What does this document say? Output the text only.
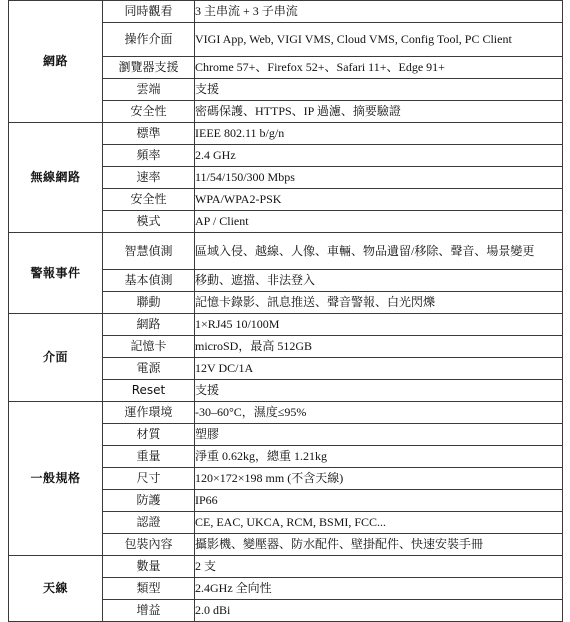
網路	同時觀看	3 主串流 + 3 子串流
	操作介面	VIGI App, Web, VIGI VMS, Cloud VMS, Config Tool, PC Client
	瀏覽器支援	Chrome 57+、Firefox 52+、Safari 11+、Edge 91+
	雲端	支援
	安全性	密碼保護、HTTPS、IP 過濾、摘要驗證
無線網路	標準	IEEE 802.11 b/g/n
	頻率	2.4 GHz
	速率	11/54/150/300 Mbps
	安全性	WPA/WPA2-PSK
	模式	AP / Client
警報事件	智慧偵測	區域入侵、越線、人像、車輛、物品遺留/移除、聲音、場景變更
	基本偵測	移動、遮擋、非法登入
	聯動	記憶卡錄影、訊息推送、聲音警報、白光閃爍
介面	網路	1×RJ45 10/100M
	記憶卡	microSD，最高 512GB
	電源	12V DC/1A
	Reset	支援
一般規格	運作環境	-30–60°C，濕度≤95%
	材質	塑膠
	重量	淨重 0.62kg，總重 1.21kg
	尺寸	120×172×198 mm (不含天線)
	防護	IP66
	認證	CE, EAC, UKCA, RCM, BSMI, FCC...
	包裝內容	攝影機、變壓器、防水配件、壁掛配件、快速安裝手冊
天線	數量	2 支
	類型	2.4GHz 全向性
	增益	2.0 dBi
